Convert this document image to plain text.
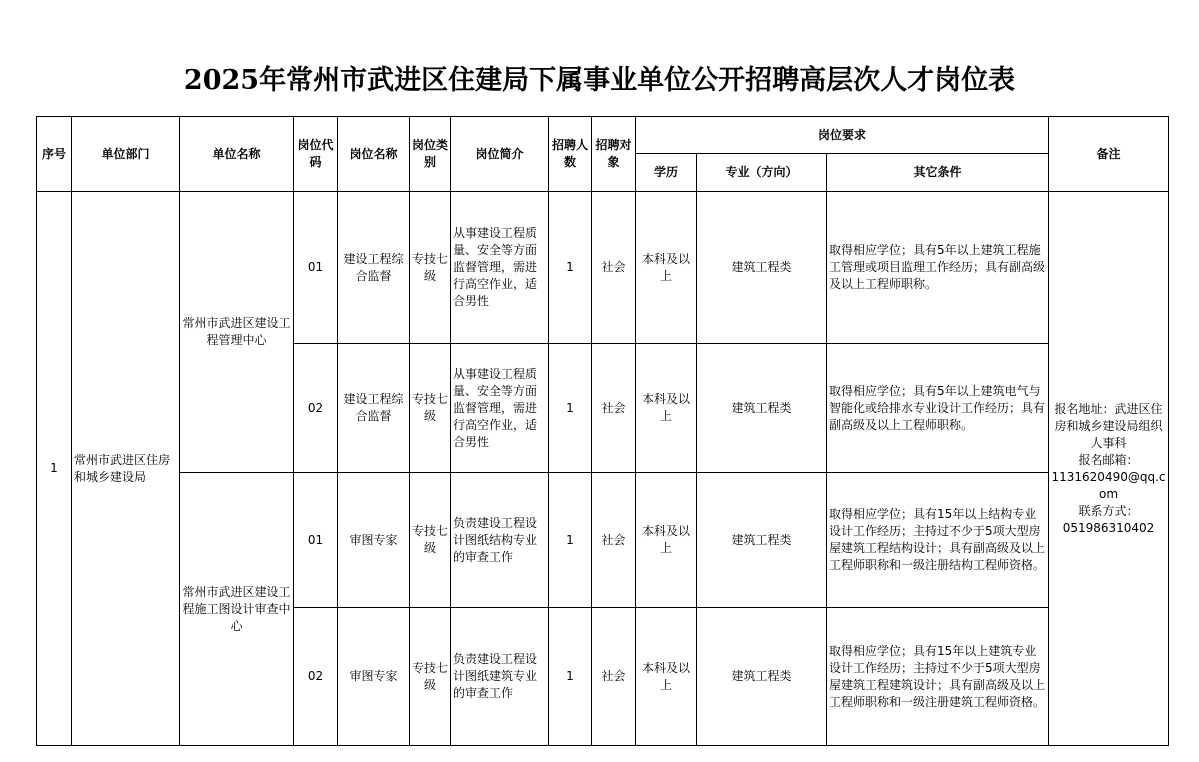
2025年常州市武进区住建局下属事业单位公开招聘高层次人才岗位表
序号	单位部门	单位名称	岗位代码	岗位名称	岗位类别	岗位简介	招聘人数	招聘对象	岗位要求			备注
									学历	专业（方向）	其它条件	
1	常州市武进区住房和城乡建设局	常州市武进区建设工程管理中心	01	建设工程综合监督	专技七级	从事建设工程质量、安全等方面监督管理，需进行高空作业，适合男性	1	社会	本科及以上	建筑工程类	取得相应学位；具有5年以上建筑工程施工管理或项目监理工作经历；具有副高级及以上工程师职称。	报名地址：武进区住房和城乡建设局组织人事科
报名邮箱：
1131620490@qq.com
联系方式：
051986310402

			02	建设工程综合监督	专技七级	从事建设工程质量、安全等方面监督管理，需进行高空作业，适合男性	1	社会	本科及以上	建筑工程类	取得相应学位；具有5年以上建筑电气与智能化或给排水专业设计工作经历；具有副高级及以上工程师职称。	
		常州市武进区建设工程施工图设计审查中心	01	审图专家	专技七级	负责建设工程设计图纸结构专业的审查工作	1	社会	本科及以上	建筑工程类	取得相应学位；具有15年以上结构专业设计工作经历；主持过不少于5项大型房屋建筑工程结构设计；具有副高级及以上工程师职称和一级注册结构工程师资格。	
			02	审图专家	专技七级	负责建设工程设计图纸建筑专业的审查工作	1	社会	本科及以上	建筑工程类	取得相应学位；具有15年以上建筑专业设计工作经历；主持过不少于5项大型房屋建筑工程建筑设计；具有副高级及以上工程师职称和一级注册建筑工程师资格。	
